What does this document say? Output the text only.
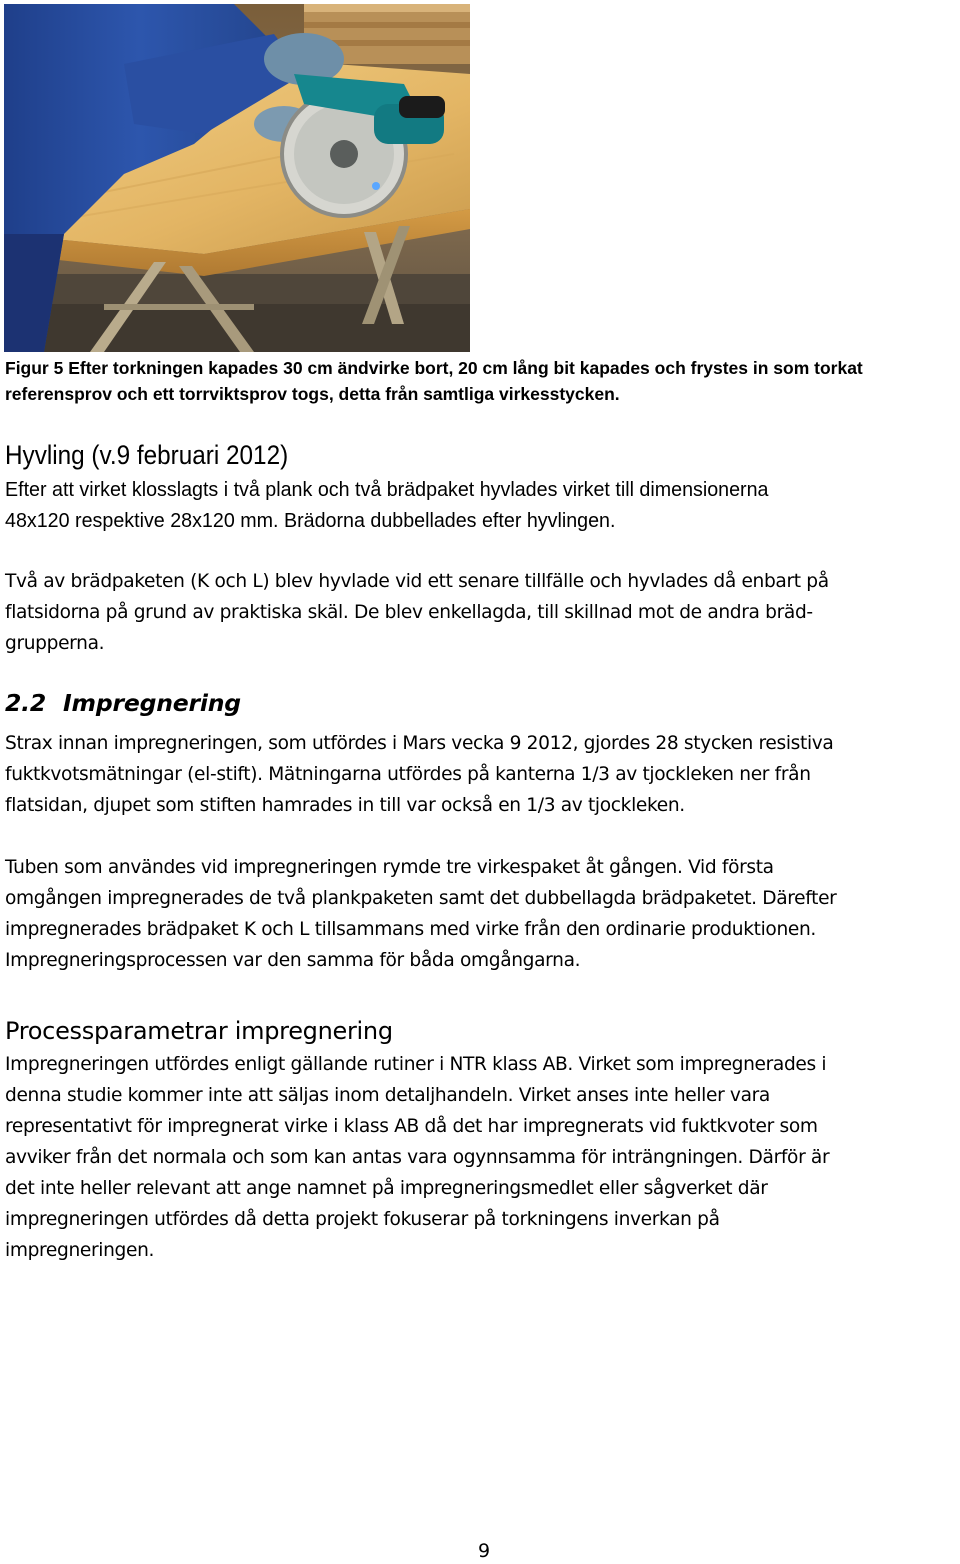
Figur 5 Efter torkningen kapades 30 cm ändvirke bort, 20 cm lång bit kapades och frystes in som torkat
referensprov och ett torrviktsprov togs, detta från samtliga virkesstycken.

Hyvling (v.9 februari 2012)

Efter att virket klosslagts i två plank och två brädpaket hyvlades virket till dimensionerna
48x120 respektive 28x120 mm. Brädorna dubbellades efter hyvlingen.

Två av brädpaketen (K och L) blev hyvlade vid ett senare tillfälle och hyvlades då enbart på
flatsidorna på grund av praktiska skäl. De blev enkellagda, till skillnad mot de andra bräd-
grupperna.

2.2 Impregnering

Strax innan impregneringen, som utfördes i Mars vecka 9 2012, gjordes 28 stycken resistiva
fuktkvotsmätningar (el-stift). Mätningarna utfördes på kanterna 1/3 av tjockleken ner från
flatsidan, djupet som stiften hamrades in till var också en 1/3 av tjockleken.

Tuben som användes vid impregneringen rymde tre virkespaket åt gången. Vid första
omgången impregnerades de två plankpaketen samt det dubbellagda brädpaketet. Därefter
impregnerades brädpaket K och L tillsammans med virke från den ordinarie produktionen.
Impregneringsprocessen var den samma för båda omgångarna.

Processparametrar impregnering

Impregneringen utfördes enligt gällande rutiner i NTR klass AB. Virket som impregnerades i
denna studie kommer inte att säljas inom detaljhandeln. Virket anses inte heller vara
representativt för impregnerat virke i klass AB då det har impregnerats vid fuktkvoter som
avviker från det normala och som kan antas vara ogynnsamma för inträngningen. Därför är
det inte heller relevant att ange namnet på impregneringsmedlet eller sågverket där
impregneringen utfördes då detta projekt fokuserar på torkningens inverkan på
impregneringen.

9
